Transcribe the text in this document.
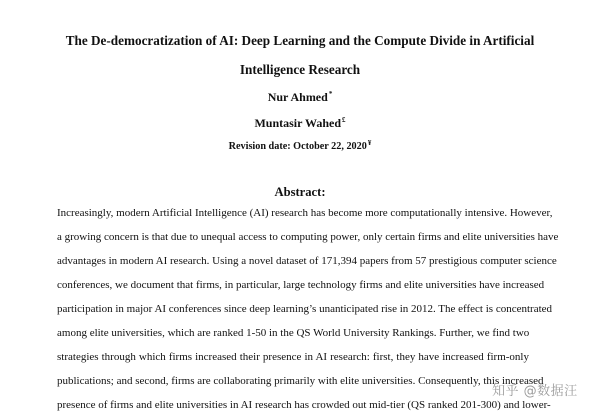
The De-democratization of AI: Deep Learning and the Compute Divide in Artificial
Intelligence Research
Nur Ahmed*
Muntasir Wahed£
Revision date: October 22, 2020¥
Abstract:
Increasingly, modern Artificial Intelligence (AI) research has become more computationally intensive. However,
a growing concern is that due to unequal access to computing power, only certain firms and elite universities have
advantages in modern AI research. Using a novel dataset of 171,394 papers from 57 prestigious computer science
conferences, we document that firms, in particular, large technology firms and elite universities have increased
participation in major AI conferences since deep learning’s unanticipated rise in 2012. The effect is concentrated
among elite universities, which are ranked 1-50 in the QS World University Rankings. Further, we find two
strategies through which firms increased their presence in AI research: first, they have increased firm-only
publications; and second, firms are collaborating primarily with elite universities. Consequently, this increased
presence of firms and elite universities in AI research has crowded out mid-tier (QS ranked 201-300) and lower-
知乎 @数据汪
